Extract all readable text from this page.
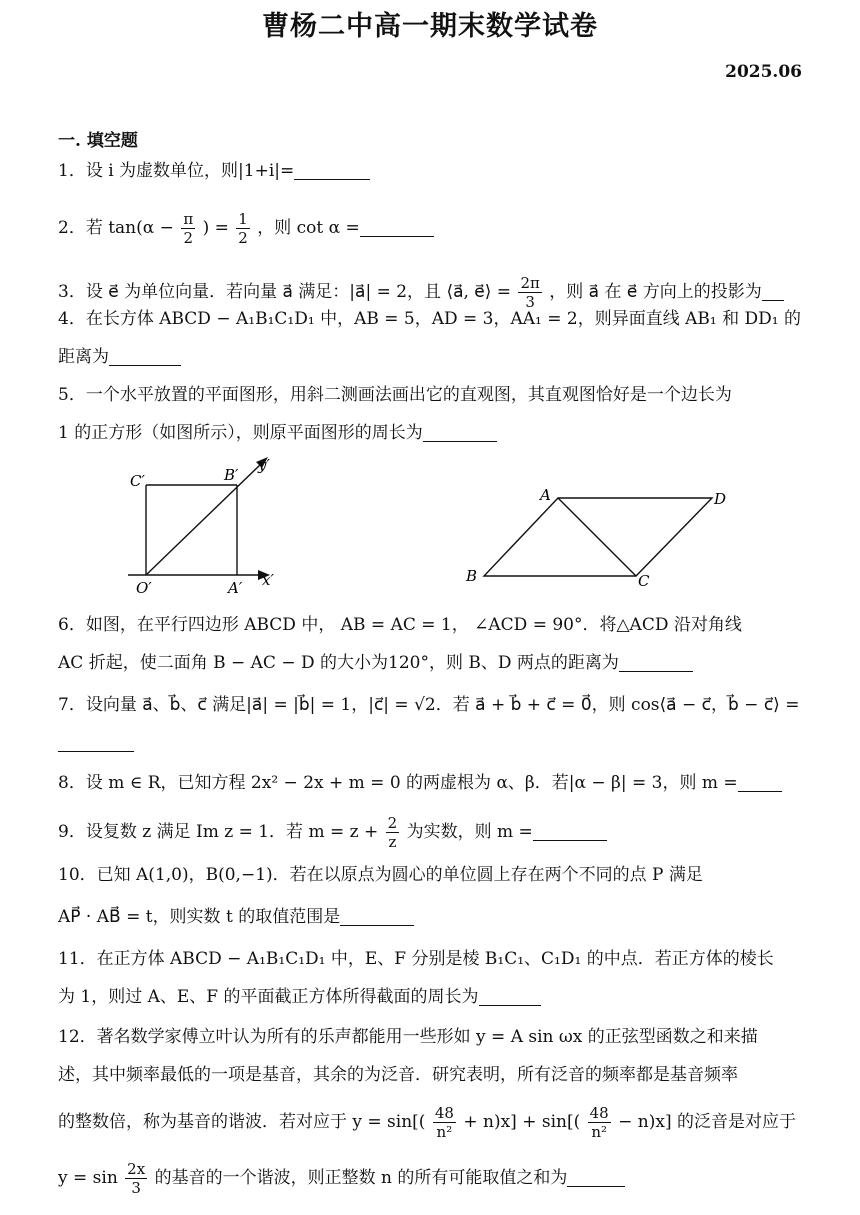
曹杨二中高一期末数学试卷
2025.06
一. 填空题
1．设 i 为虚数单位，则|1+i|=
2．若 $\tan(\alpha - \frac{\pi}{2}$ ) = $\frac{1}{2}$ ，则 cot α =
3．设 e⃗ 为单位向量．若向量 a⃗ 满足：|a⃗| = 2，且 ⟨a⃗, e⃗⟩ = $\frac{2\pi}{3}$ ，则 a⃗ 在 e⃗ 方向上的投影为
4．在长方体 ABCD − A₁B₁C₁D₁ 中，AB = 5，AD = 3，AA₁ = 2，则异面直线 AB₁ 和 DD₁ 的
距离为
5．一个水平放置的平面图形，用斜二测画法画出它的直观图，其直观图恰好是一个边长为
1 的正方形（如图所示），则原平面图形的周长为
C′	B′
y′
O′	A′ x′
A	D
B	C
6．如图，在平行四边形 ABCD 中， AB = AC = 1， ∠ACD = 90°．将△ACD 沿对角线
AC 折起，使二面角 B − AC − D 的大小为120°，则 B、D 两点的距离为
7．设向量 a⃗、b⃗、c⃗ 满足|a⃗| = |b⃗| = 1，|c⃗| = √2．若 a⃗ + b⃗ + c⃗ = 0⃗，则 cos⟨a⃗ − c⃗，b⃗ − c⃗⟩ =
8．设 m ∈ R，已知方程 2x² − 2x + m = 0 的两虚根为 α、β．若|α − β| = 3，则 m =
9．设复数 z 满足 Im z = 1．若 $m = z + \frac{2}{z}$ 为实数，则 m =
10．已知 A(1,0)，B(0,−1)．若在以原点为圆心的单位圆上存在两个不同的点 P 满足
AP⃗ · AB⃗ = t，则实数 t 的取值范围是
11．在正方体 ABCD − A₁B₁C₁D₁ 中，E、F 分别是棱 B₁C₁、C₁D₁ 的中点．若正方体的棱长
为 1，则过 A、E、F 的平面截正方体所得截面的周长为
12．著名数学家傅立叶认为所有的乐声都能用一些形如 y = A sin ωx 的正弦型函数之和来描
述，其中频率最低的一项是基音，其余的为泛音．研究表明，所有泛音的频率都是基音频率
的整数倍，称为基音的谐波．若对应于 $y = \sin[( \frac{48}{\text{n²}} + n)x] + \sin[( \frac{48}{\text{n²}} - n)x]$ 的泛音是对应于
$y = \sin \frac{2x}{3}$ 的基音的一个谐波，则正整数 n 的所有可能取值之和为
